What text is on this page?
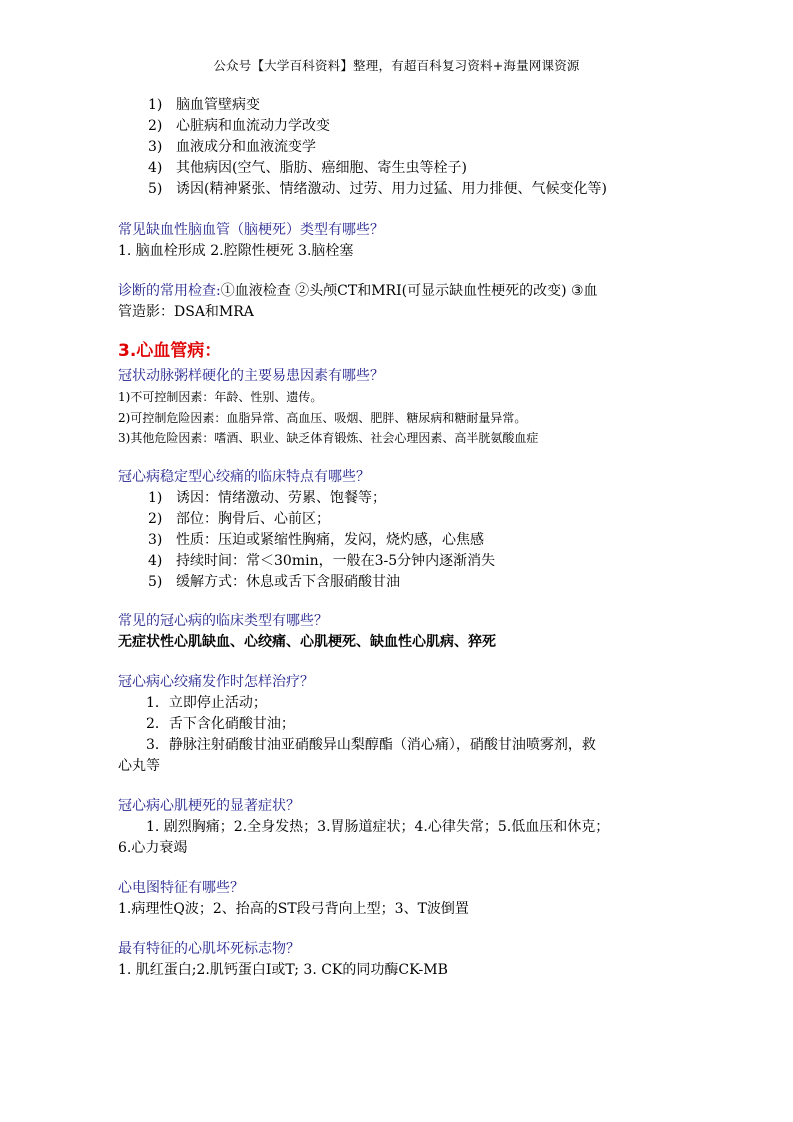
公众号【大学百科资料】整理，有超百科复习资料+海量网课资源
1) 脑血管壁病变
2) 心脏病和血流动力学改变
3) 血液成分和血液流变学
4) 其他病因(空气、脂肪、癌细胞、寄生虫等栓子)
5) 诱因(精神紧张、情绪激动、过劳、用力过猛、用力排便、气候变化等)
常见缺血性脑血管（脑梗死）类型有哪些？
1. 脑血栓形成 2.腔隙性梗死 3.脑栓塞
诊断的常用检查:①血液检查 ②头颅CT和MRI(可显示缺血性梗死的改变) ③血
管造影：DSA和MRA
3.心血管病：
冠状动脉粥样硬化的主要易患因素有哪些？
1)不可控制因素：年龄、性别、遗传。
2)可控制危险因素：血脂异常、高血压、吸烟、肥胖、糖尿病和糖耐量异常。
3)其他危险因素：嗜酒、职业、缺乏体育锻炼、社会心理因素、高半胱氨酸血症
冠心病稳定型心绞痛的临床特点有哪些？
1) 诱因：情绪激动、劳累、饱餐等；
2) 部位：胸骨后、心前区；
3) 性质：压迫或紧缩性胸痛，发闷，烧灼感，心焦感
4) 持续时间：常＜30min，一般在3-5分钟内逐渐消失
5) 缓解方式：休息或舌下含服硝酸甘油
常见的冠心病的临床类型有哪些？
无症状性心肌缺血、心绞痛、心肌梗死、缺血性心肌病、猝死
冠心病心绞痛发作时怎样治疗？
1．立即停止活动；
2．舌下含化硝酸甘油；
3．静脉注射硝酸甘油亚硝酸异山梨醇酯（消心痛），硝酸甘油喷雾剂，救
心丸等
冠心病心肌梗死的显著症状？
1. 剧烈胸痛；2.全身发热；3.胃肠道症状；4.心律失常；5.低血压和休克；
6.心力衰竭
心电图特征有哪些？
1.病理性Q波；2、抬高的ST段弓背向上型；3、T波倒置
最有特征的心肌坏死标志物？
1. 肌红蛋白;2.肌钙蛋白I或T; 3. CK的同功酶CK-MB
